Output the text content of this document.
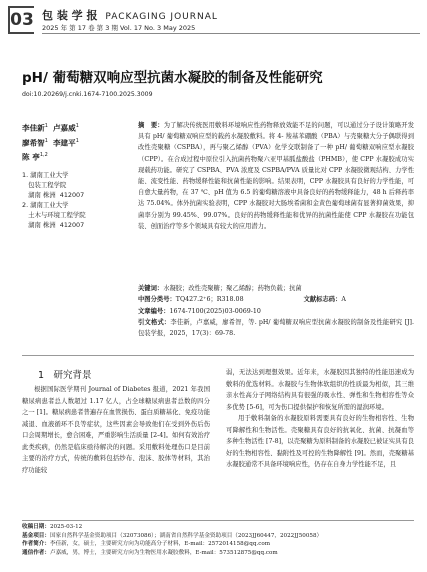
03 包 装 学 报 PACKAGING JOURNAL
2025 年 第 17 卷 第 3 期 Vol. 17 No. 3 May 2025
pH/ 葡萄糖双响应型抗菌水凝胶的制备及性能研究
doi:10.20269/j.cnki.1674-7100.2025.3009
李佳新$^1$ 卢嘉威$^1$
廖希智$^1$ 李建平$^1$
陈 亭$^{1,2}$
1. 湖南工业大学
包装工程学院
湖南 株洲  412007
2. 湖南工业大学
土木与环境工程学院
湖南 株洲  412007
摘　要：为了解决传统医用敷料环境响应性药物释放效能不足的问题，可以通过分子设计策略开发具有 pH/ 葡萄糖双响应型的载药水凝胶敷料。将 4- 羧基苯硼酸（PBA）与壳聚糖大分子偶联得到改性壳聚糖（CSPBA），再与聚乙烯醇（PVA）化学交联制备了一种 pH/ 葡萄糖双响应型水凝胶（CPP）。在合成过程中原位引入抗菌药物聚六亚甲基胍盐酸盐（PHMB），使 CPP 水凝胶成功实现载药功能。研究了 CSPBA、PVA 浓度及 CSPBA/PVA 质量比对 CPP 水凝胶微观结构、力学性能、流变性能、药物缓释性能和抗菌性能的影响。结果表明，CPP 水凝胶具有良好的力学性能，可自愈大量药物，在 37 ℃、pH 值为 6.5 的葡萄糖溶液中具备良好的药物缓释能力，48 h 后释药率达 75.04%。体外抗菌实验表明，CPP 水凝胶对大肠埃希菌和金黄色葡萄球菌有显著抑菌效果，抑菌率分别为 99.45%、99.07%。良好的药物缓释性能和优异的抗菌性能使 CPP 水凝胶在功能包装、创面治疗等多个领域具有较大的应用潜力。
关键词：水凝胶；改性壳聚糖；聚乙烯醇；药物负载；抗菌
中图分类号：TQ427.2⁺6；R318.08	文献标志码：A
文章编号：1674-7100(2025)03-0069-10
引文格式：李佳新，卢嘉威，廖希智，等. pH/ 葡萄糖双响应型抗菌水凝胶的制备及性能研究 [J]. 包装学报，2025，17(3)：69-78.
1　研究背景
根据国际医学期刊 Journal of Diabetes 报道，2021 年我国糖尿病患者总人数超过 1.17 亿人，占全球糖尿病患者总数的四分之一 [1]。糖尿病患者普遍存在血管损伤、蛋白质糖基化、免疫功能减退、血液循环不良等症状，这些因素会导致他们在受到外伤后伤口会周期增长，愈合困难，严重影响生活质量 [2-4]。如何有效治疗此类疾病，仍然是临床亟待解决的问题。采用敷料处理伤口是目前主要的治疗方式，传统的敷料包括纱布、泡沫、胶体等材料，其治疗功能较

弱，无法达到理想效果。近年来，水凝胶因其独特的性能迅速成为敷料的优选材料。水凝胶与生物体软组织的性质最为相似，其三维亲水性高分子网络结构具有很强的吸水性、弹性和生物相容性等众多优势 [5-6]，可为伤口提供保护和恢复所需的湿润环境。

用于敷料制备的水凝胶原料需要具有良好的生物相容性、生物可降解性和生物活性。壳聚糖具有良好的抗氧化、抗菌、抗凝血等多种生物活性 [7-8]，以壳聚糖为原料制备的水凝胶已被证实具有良好的生物相容性、黏附性及可控的生物降解性 [9]。然而，壳聚糖基水凝胶通常不具备环境响应性，仍存在自身力学性能不足，且

收稿日期：2025-03-12
基金项目：国家自然科学基金资助项目（32073086）；湖南省自然科学基金资助项目（2023JJ60447，2022JJ50058）
作者简介：李佳新，女，硕士，主要研究方向为功能高分子材料，E-mail：2572014158@qq.com
通信作者：卢嘉威，男，博士，主要研究方向为生物医用水凝胶敷料，E-mail：573512875@qq.com
